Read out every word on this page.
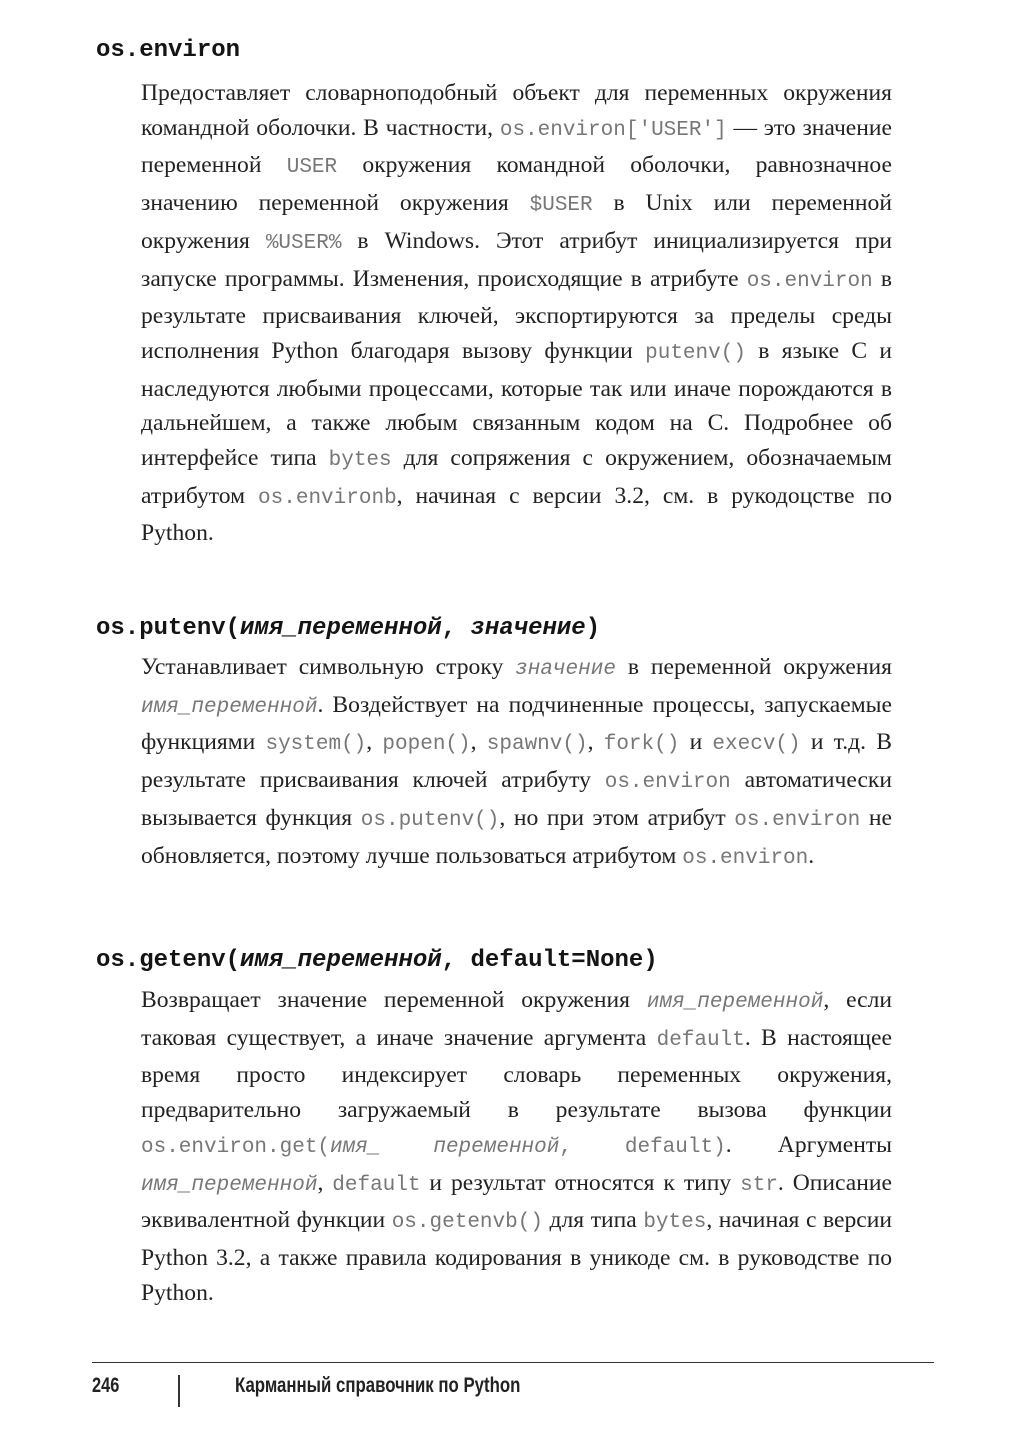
os.environ

Предоставляет словарноподобный объект для переменных окружения командной оболочки. В частности, os.environ['USER'] — это значение переменной USER окружения командной оболочки, равнозначное значению переменной окружения $USER в Unix или переменной окружения %USER% в Windows. Этот атрибут инициализируется при запуске программы. Изменения, происходящие в атрибуте os.environ в результате присваивания ключей, экспортируются за пределы среды исполнения Python благодаря вызову функции putenv() в языке С и наследуются любыми процессами, которые так или иначе порождаются в дальнейшем, а также любым связанным кодом на С. Подробнее об интерфейсе типа bytes для сопряжения с окружением, обозначаемым атрибутом os.environb, начиная с версии 3.2, см. в рукодоцстве по Python.

os.putenv(имя_переменной, значение)

Устанавливает символьную строку значение в переменной окружения имя_переменной. Воздействует на подчиненные процессы, запускаемые функциями system(), popen(), spawnv(), fork() и execv() и т.д. В результате присваивания ключей атрибуту os.environ автоматически вызывается функция os.putenv(), но при этом атрибут os.environ не обновляется, поэтому лучше пользоваться атрибутом os.environ.

os.getenv(имя_переменной, default=None)

Возвращает значение переменной окружения имя_переменной, если таковая существует, а иначе значение аргумента default. В настоящее время просто индексирует словарь переменных окружения, предварительно загружаемый в результате вызова функции os.environ.get(имя_ переменной, default). Аргументы имя_переменной, default и результат относятся к типу str. Описание эквивалентной функции os.getenvb() для типа bytes, начиная с версии Python 3.2, а также правила кодирования в уникоде см. в руководстве по Python.

246	Карманный справочник по Python
